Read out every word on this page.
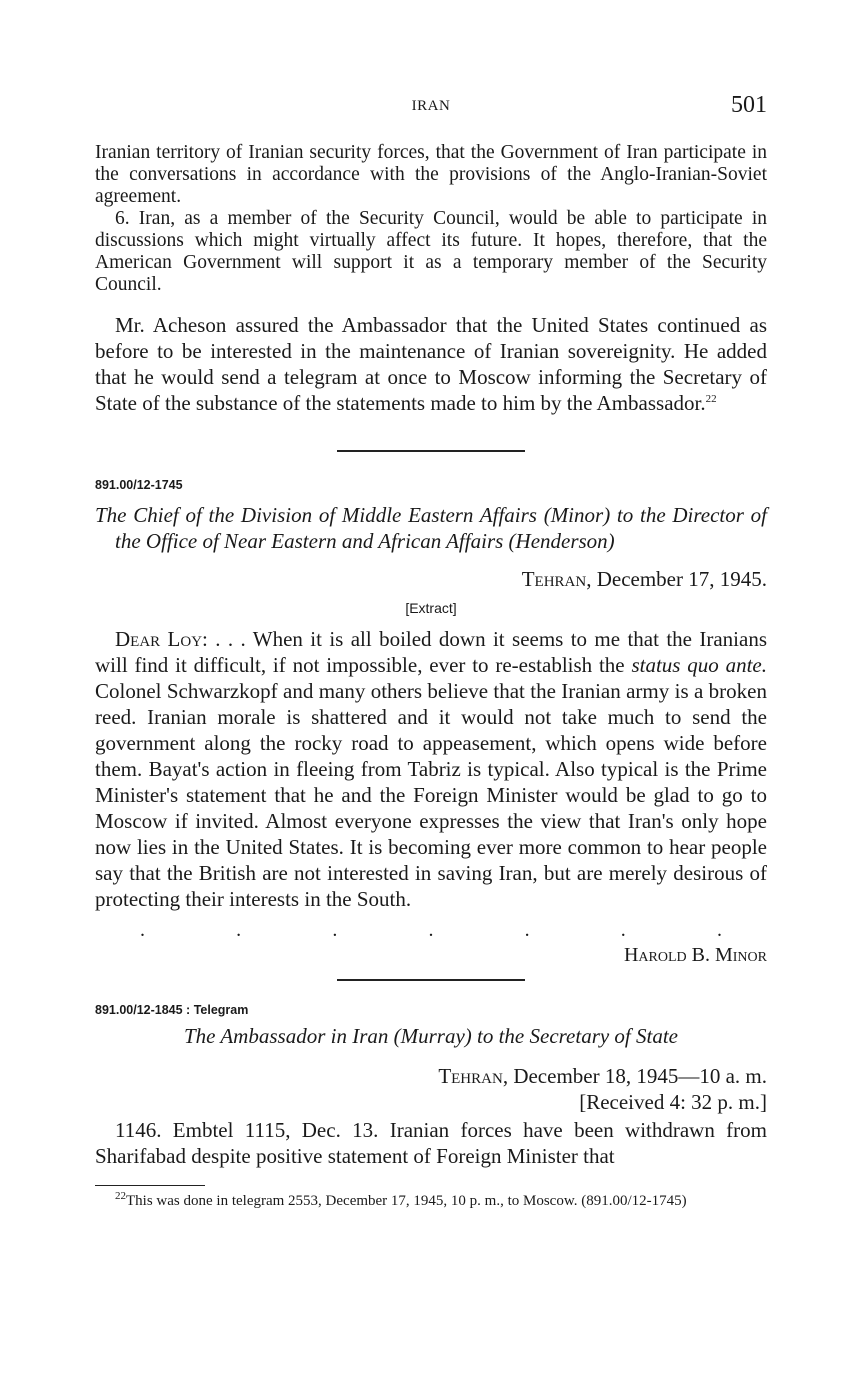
IRAN	501

Iranian territory of Iranian security forces, that the Government of Iran participate in the conversations in accordance with the provisions of the Anglo-Iranian-Soviet agreement.

6. Iran, as a member of the Security Council, would be able to participate in discussions which might virtually affect its future. It hopes, therefore, that the American Government will support it as a temporary member of the Security Council.

Mr. Acheson assured the Ambassador that the United States continued as before to be interested in the maintenance of Iranian sovereignity. He added that he would send a telegram at once to Moscow informing the Secretary of State of the substance of the statements made to him by the Ambassador.$^{22}$

891.00/12-1745
The Chief of the Division of Middle Eastern Affairs (Minor) to the Director of the Office of Near Eastern and African Affairs (Henderson)
Tehran, December 17, 1945.
[Extract]

Dear Loy: . . . When it is all boiled down it seems to me that the Iranians will find it difficult, if not impossible, ever to re-establish the status quo ante. Colonel Schwarzkopf and many others believe that the Iranian army is a broken reed. Iranian morale is shattered and it would not take much to send the government along the rocky road to appeasement, which opens wide before them. Bayat's action in fleeing from Tabriz is typical. Also typical is the Prime Minister's statement that he and the Foreign Minister would be glad to go to Moscow if invited. Almost everyone expresses the view that Iran's only hope now lies in the United States. It is becoming ever more common to hear people say that the British are not interested in saving Iran, but are merely desirous of protecting their interests in the South.

.	.	.	.	.	.	.
Harold B. Minor
891.00/12-1845 : Telegram
The Ambassador in Iran (Murray) to the Secretary of State
Tehran, December 18, 1945—10 a. m.
[Received 4: 32 p. m.]

1146. Embtel 1115, Dec. 13. Iranian forces have been withdrawn from Sharifabad despite positive statement of Foreign Minister that

$^{22}$This was done in telegram 2553, December 17, 1945, 10 p. m., to Moscow. (891.00/12-1745)
